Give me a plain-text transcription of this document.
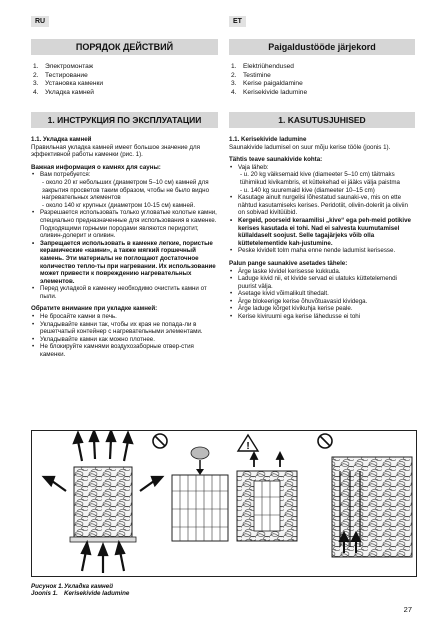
RU
ПОРЯДОК ДЕЙСТВИЙ
1. Электромонтаж
2. Тестирование
3. Установка каменки
4. Укладка камней
1. ИНСТРУКЦИЯ ПО ЭКСПЛУАТАЦИИ

1.1. Укладка камней

Правильная укладка камней имеет большое значение для эффективной работы каменки (рис. 1).

Важная информация о камнях для сауны:

• Вам потребуется:
- около 20 кг небольших (диаметром 5–10 см) камней для закрытия просветов таким образом, чтобы не было видно нагревательных элементов
- около 140 кг крупных (диаметром 10-15 см) камней.
• Разрешается использовать только угловатые колотые камни, специально предназначенные для использования в каменке. Подходящими горными породами являются перидотит, оливин-долерит и оливин.
• Запрещается использовать в каменке легкие, пористые керамические «камни», а также мягкий горшечный камень. Эти материалы не поглощают достаточное количество тепло-ты при нагревании. Их использование может привести к повреждению нагревательных элементов.
• Перед укладкой в каменку необходимо очистить камни от пыли.

Обратите внимание при укладке камней:

• Не бросайте камни в печь.
• Укладывайте камни так, чтобы их края не попада-ли в решетчатый контейнер с нагревательными элементами.
• Укладывайте камни как можно плотнее.
• Не блокируйте камнями воздухозаборные отвер-стия каменки.
ET
Paigaldustööde järjekord
1. Elektriühendused
2. Testimine
3. Kerise paigaldamine
4. Kerisekivide ladumine
1. KASUTUSJUHISED

1.1. Kerisekivide ladumine

Saunakivide ladumisel on suur mõju kerise tööle (joonis 1).

Tähtis teave saunakivide kohta:

• Vaja läheb:
- u. 20 kg väiksemaid kive (diameeter 5–10 cm) täitmaks tühimikud kivikambris, et küttekehad ei jääks välja paistma
- u. 140 kg suuremaid kive (diameeter 10–15 cm)
• Kasutage ainult nurgelisi lõhestatud saunaki-ve, mis on ette nähtud kasutamiseks kerises. Peridotiit, oliviin-doleriit ja oliviin on sobivad kivitüübid.
• Kergeid, poorseid keraamilisi „kive“ ega peh-meid potikive kerises kasutada ei tohi. Nad ei salvesta kuumutamisel küllaldaselt soojust. Selle tagajärjeks võib olla küttetelementide kah-justumine.
• Peske kividelt tolm maha enne nende ladumist kerisesse.

Palun pange saunakive asetades tähele:

• Ärge laske kividel kerisesse kukkuda.
• Laduge kivid nii, et kivide servad ei ulatuks küttetelemendi puurist välja.
• Asetage kivid võimalikult tihedalt.
• Ärge blokeerige kerise õhuvõtuavasid kividega.
• Ärge laduge kõrget kivikuhja kerise peale.
• Kerise kiviruumi ega kerise lähedusse ei tohi
!
Рисунок 1.Укладка камней
Joonis 1. Kerisekivide ladumine
27
